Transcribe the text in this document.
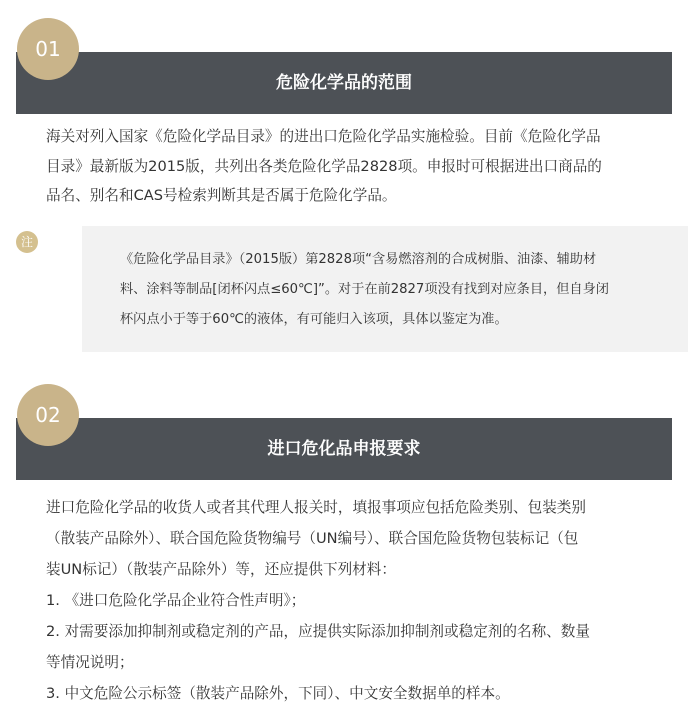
01
危险化学品的范围
海关对列入国家《危险化学品目录》的进出口危险化学品实施检验。目前《危险化学品
目录》最新版为2015版，共列出各类危险化学品2828项。申报时可根据进出口商品的
品名、别名和CAS号检索判断其是否属于危险化学品。
注
《危险化学品目录》（2015版）第2828项“含易燃溶剂的合成树脂、油漆、辅助材
料、涂料等制品[闭杯闪点≤60℃]”。对于在前2827项没有找到对应条目，但自身闭
杯闪点小于等于60℃的液体，有可能归入该项，具体以鉴定为准。
02
进口危化品申报要求
进口危险化学品的收货人或者其代理人报关时，填报事项应包括危险类别、包装类别
（散装产品除外）、联合国危险货物编号（UN编号）、联合国危险货物包装标记（包
装UN标记）（散装产品除外）等，还应提供下列材料：
1. 《进口危险化学品企业符合性声明》；
2. 对需要添加抑制剂或稳定剂的产品，应提供实际添加抑制剂或稳定剂的名称、数量
等情况说明；
3. 中文危险公示标签（散装产品除外，下同）、中文安全数据单的样本。
